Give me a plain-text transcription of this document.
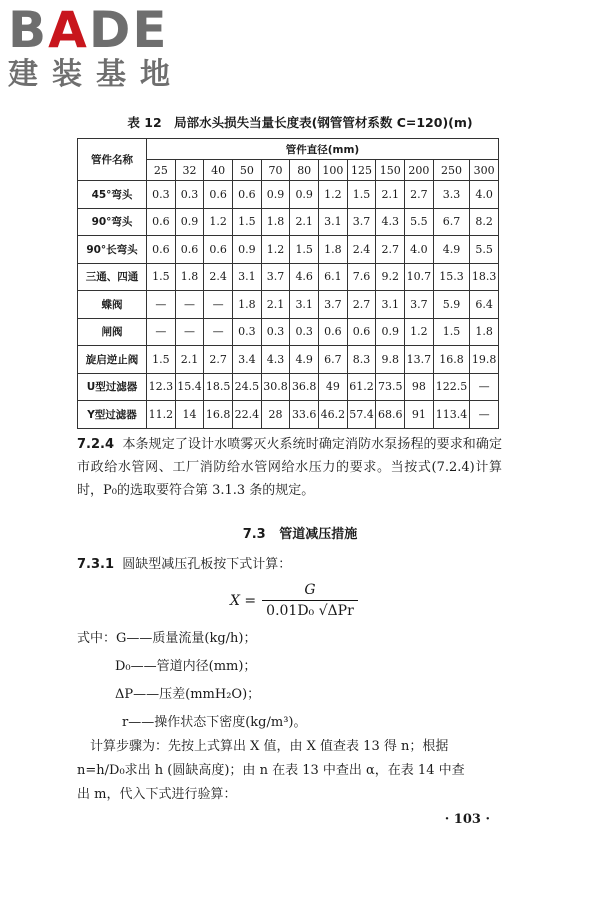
BADE
建装基地
表 12　局部水头损失当量长度表(钢管管材系数 C=120)(m)
管件名称	管件直径(mm)											
	25	32	40	50	70	80	100	125	150	200	250	300
45°弯头	0.3	0.3	0.6	0.6	0.9	0.9	1.2	1.5	2.1	2.7	3.3	4.0
90°弯头	0.6	0.9	1.2	1.5	1.8	2.1	3.1	3.7	4.3	5.5	6.7	8.2
90°长弯头	0.6	0.6	0.6	0.9	1.2	1.5	1.8	2.4	2.7	4.0	4.9	5.5
三通、四通	1.5	1.8	2.4	3.1	3.7	4.6	6.1	7.6	9.2	10.7	15.3	18.3
蝶阀	—	—	—	1.8	2.1	3.1	3.7	2.7	3.1	3.7	5.9	6.4
闸阀	—	—	—	0.3	0.3	0.3	0.6	0.6	0.9	1.2	1.5	1.8
旋启逆止阀	1.5	2.1	2.7	3.4	4.3	4.9	6.7	8.3	9.8	13.7	16.8	19.8
U型过滤器	12.3	15.4	18.5	24.5	30.8	36.8	49	61.2	73.5	98	122.5	—
Y型过滤器	11.2	14	16.8	22.4	28	33.6	46.2	57.4	68.6	91	113.4	—
7.2.4 本条规定了设计水喷雾灭火系统时确定消防水泵扬程的要求和确定市政给水管网、工厂消防给水管网给水压力的要求。当按式(7.2.4)计算时，P₀的选取要符合第 3.1.3 条的规定。
7.3 管道减压措施
7.3.1 圆缺型减压孔板按下式计算：
$X = \frac{G}{\text{0.01D₀ √ΔPr}}$
式中：G——质量流量(kg/h)；
D₀——管道内径(mm)；
ΔP——压差(mmH₂O)；
r——操作状态下密度(kg/m³)。
计算步骤为：先按上式算出 X 值，由 X 值查表 13 得 n；根据
n=h/D₀求出 h (圆缺高度)；由 n 在表 13 中查出 α，在表 14 中查
出 m，代入下式进行验算：
· 103 ·
